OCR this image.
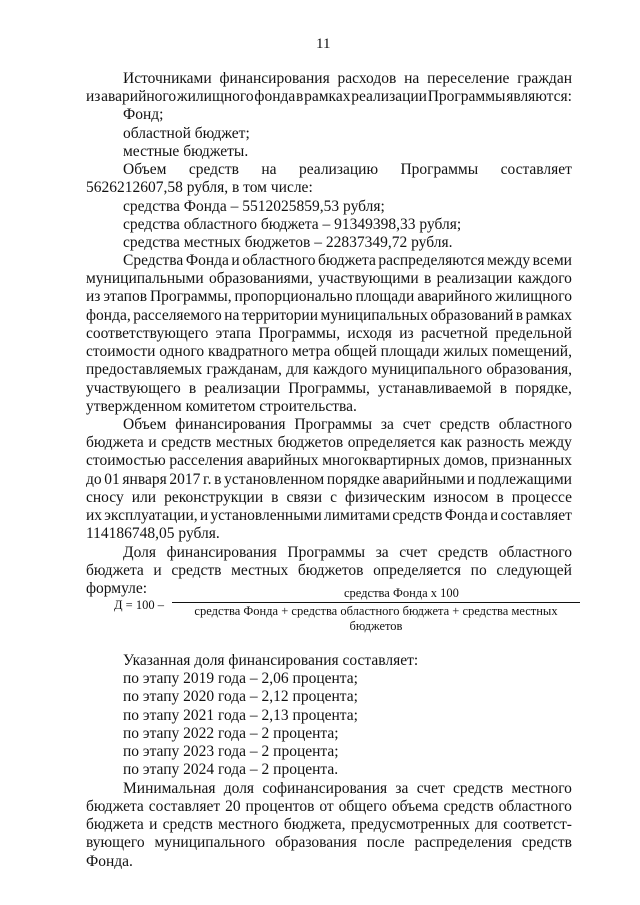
11
Источниками финансирования расходов на переселение граждан
из аварийного жилищного фонда в рамках реализации Программы являются:
Фонд;
областной бюджет;
местные бюджеты.
Объем средств на реализацию Программы составляет
5626212607,58 рубля, в том числе:
средства Фонда – 5512025859,53 рубля;
средства областного бюджета – 91349398,33 рубля;
средства местных бюджетов – 22837349,72 рубля.
Средства Фонда и областного бюджета распределяются между всеми
муниципальными образованиями, участвующими в реализации каждого
из этапов Программы, пропорционально площади аварийного жилищного
фонда, расселяемого на территории муниципальных образований в рамках
соответствующего этапа Программы, исходя из расчетной предельной
стоимости одного квадратного метра общей площади жилых помещений,
предоставляемых гражданам, для каждого муниципального образования,
участвующего в реализации Программы, устанавливаемой в порядке,
утвержденном комитетом строительства.
Объем финансирования Программы за счет средств областного
бюджета и средств местных бюджетов определяется как разность между
стоимостью расселения аварийных многоквартирных домов, признанных
до 01 января 2017 г. в установленном порядке аварийными и подлежащими
сносу или реконструкции в связи с физическим износом в процессе
их эксплуатации, и установленными лимитами средств Фонда и составляет
114186748,05 рубля.
Доля финансирования Программы за счет средств областного
бюджета и средств местных бюджетов определяется по следующей
формуле:
Указанная доля финансирования составляет:
по этапу 2019 года – 2,06 процента;
по этапу 2020 года – 2,12 процента;
по этапу 2021 года – 2,13 процента;
по этапу 2022 года – 2 процента;
по этапу 2023 года – 2 процента;
по этапу 2024 года – 2 процента.
Минимальная доля софинансирования за счет средств местного
бюджета составляет 20 процентов от общего объема средств областного
бюджета и средств местного бюджета, предусмотренных для соответст-
вующего муниципального образования после распределения средств
Фонда.
Д = 100 –
средства Фонда х 100
средства Фонда + средства областного бюджета + средства местных бюджетов
